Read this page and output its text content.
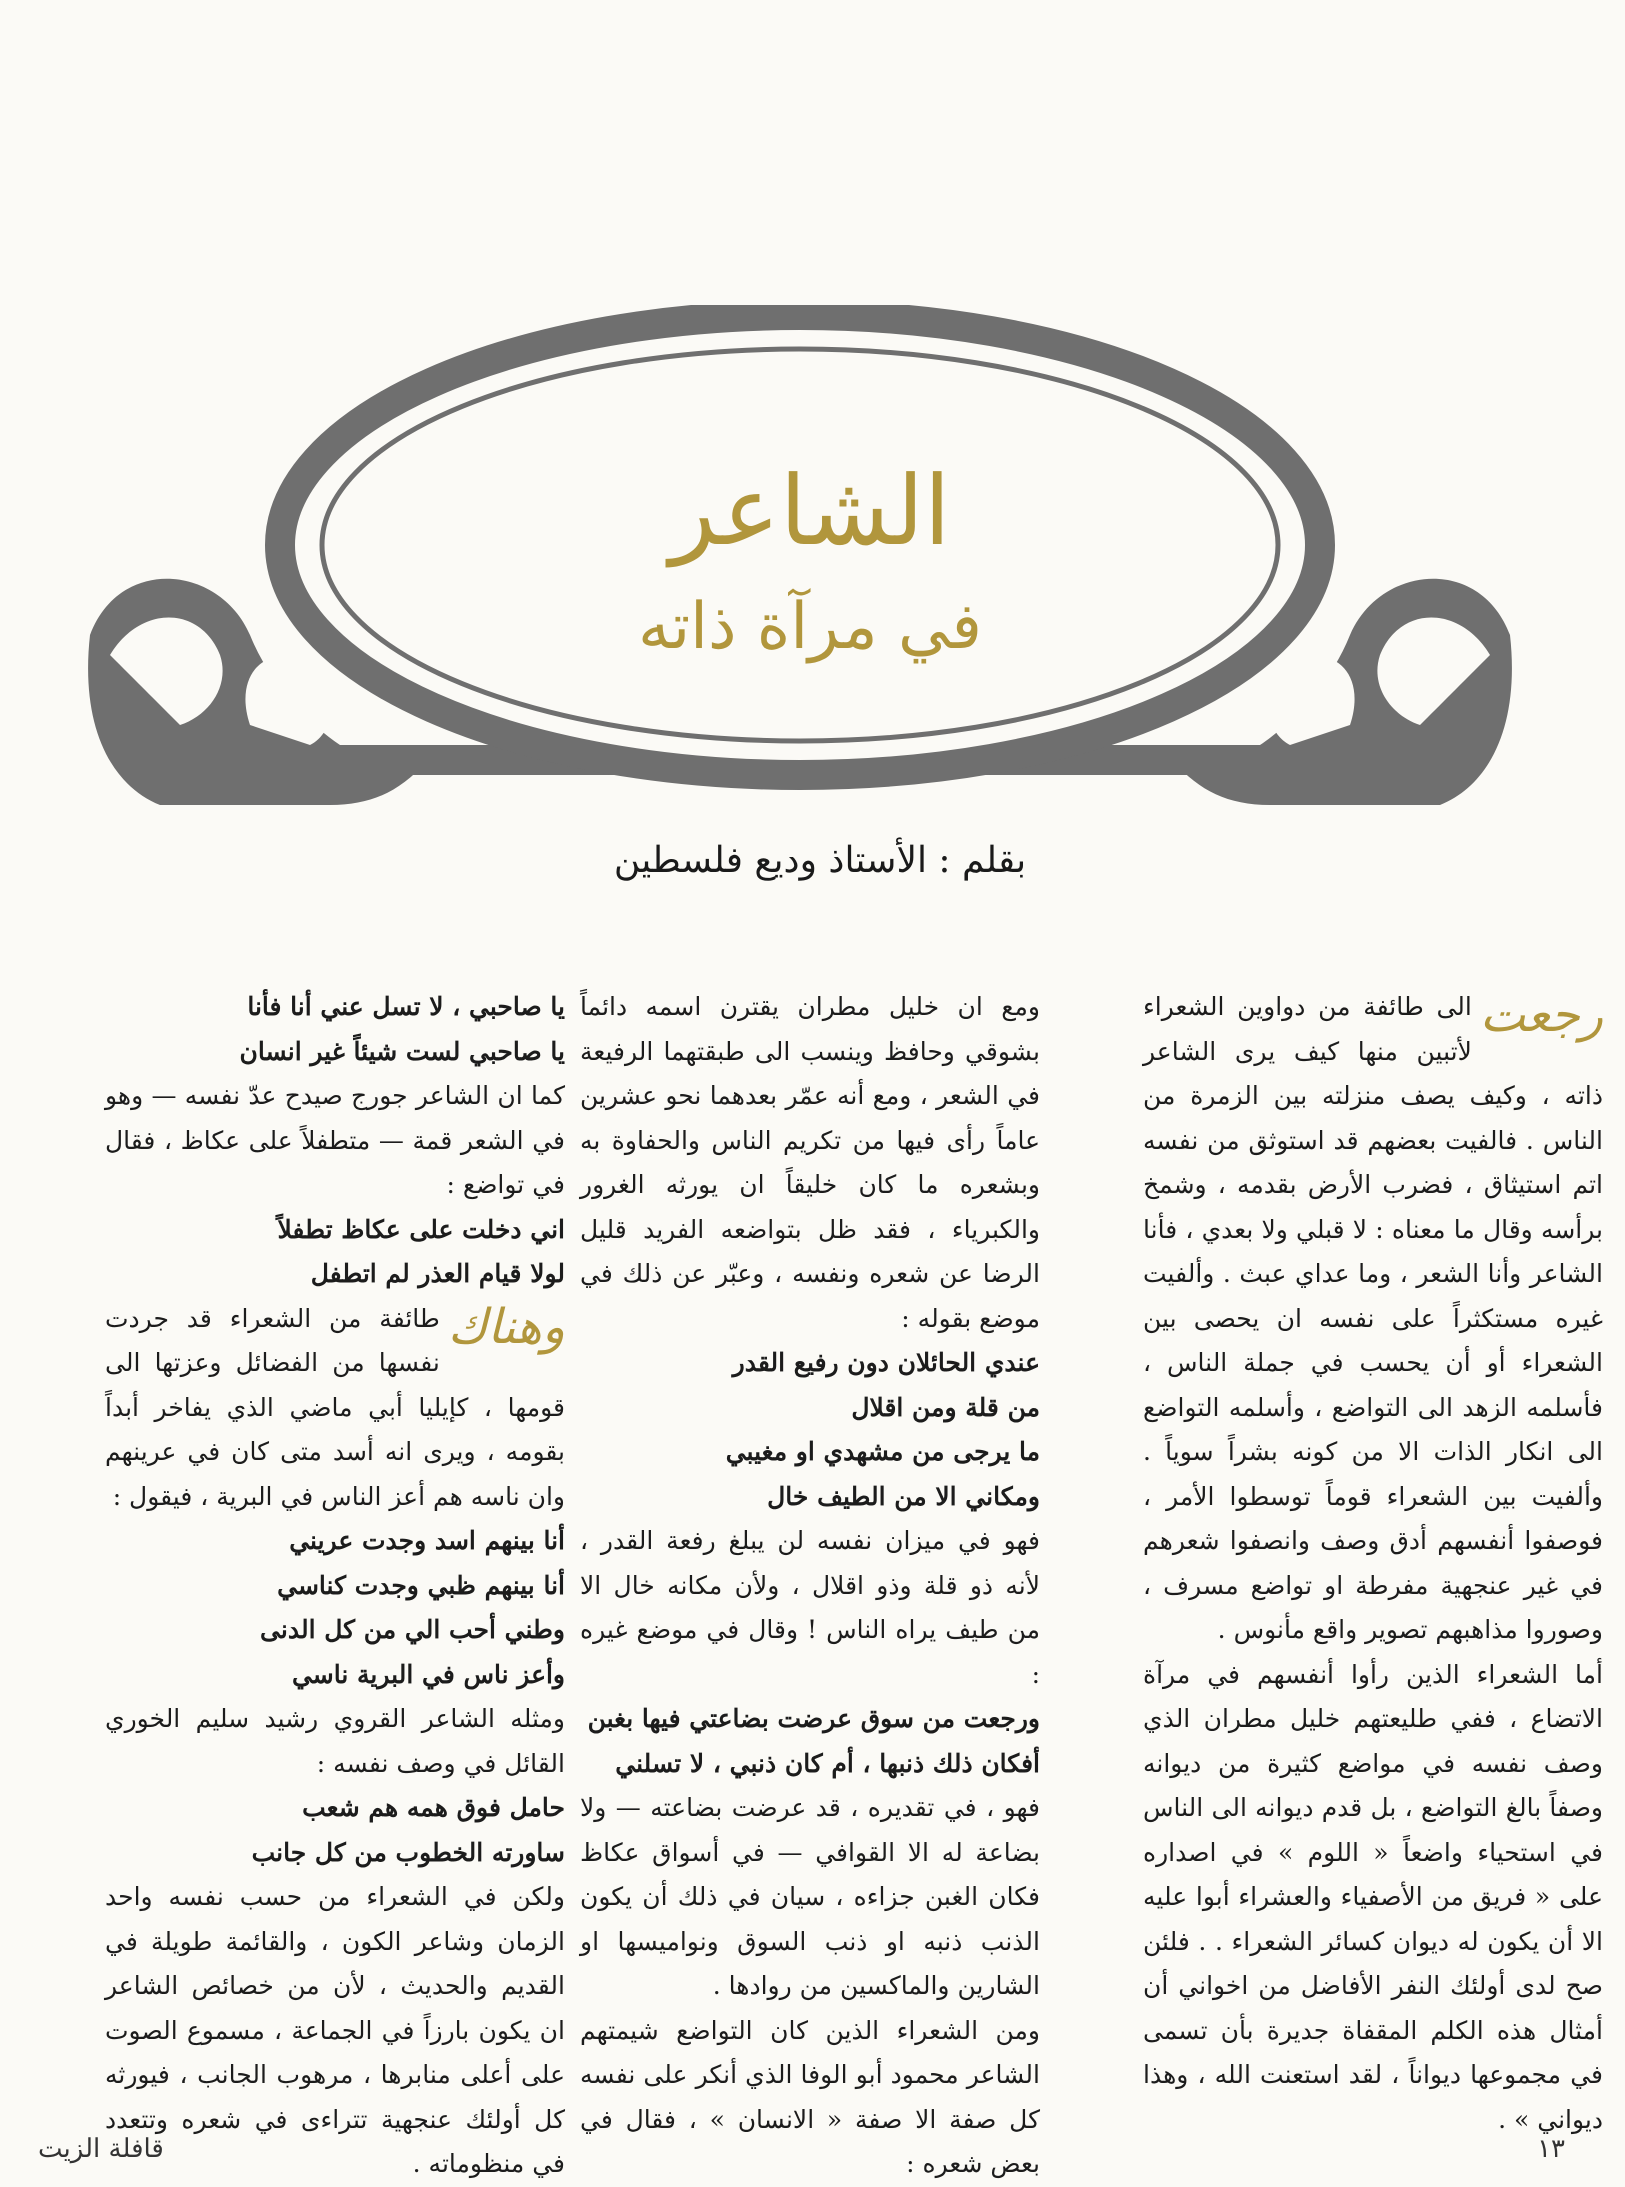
الشاعر
في مرآة ذاته
بقلم : الأستاذ وديع فلسطين

رجعت
الى طائفة من دواوين الشعراء لأتبين منها كيف يرى الشاعر ذاته ، وكيف يصف منزلته بين الزمرة من الناس . فالفيت بعضهم قد استوثق من نفسه اتم استيثاق ، فضرب الأرض بقدمه ، وشمخ برأسه وقال ما معناه : لا قبلي ولا بعدي ، فأنا الشاعر وأنا الشعر ، وما عداي عبث . وألفيت غيره مستكثراً على نفسه ان يحصى بين الشعراء أو أن يحسب في جملة الناس ، فأسلمه الزهد الى التواضع ، وأسلمه التواضع الى انكار الذات الا من كونه بشراً سوياً . وألفيت بين الشعراء قوماً توسطوا الأمر ، فوصفوا أنفسهم أدق وصف وانصفوا شعرهم في غير عنجهية مفرطة او تواضع مسرف ، وصوروا مذاهبهم تصوير واقع مأنوس .

أما الشعراء الذين رأوا أنفسهم في مرآة الاتضاع ، ففي طليعتهم خليل مطران الذي وصف نفسه في مواضع كثيرة من ديوانه وصفاً بالغ التواضع ، بل قدم ديوانه الى الناس في استحياء واضعاً « اللوم » في اصداره على « فريق من الأصفياء والعشراء أبوا عليه الا أن يكون له ديوان كسائر الشعراء . . فلئن صح لدى أولئك النفر الأفاضل من اخواني أن أمثال هذه الكلم المقفاة جديرة بأن تسمى في مجموعها ديواناً ، لقد استعنت الله ، وهذا ديواني » .

ومع ان خليل مطران يقترن اسمه دائماً بشوقي وحافظ وينسب الى طبقتهما الرفيعة في الشعر ، ومع أنه عمّر بعدهما نحو عشرين عاماً رأى فيها من تكريم الناس والحفاوة به وبشعره ما كان خليقاً ان يورثه الغرور والكبرياء ، فقد ظل بتواضعه الفريد قليل الرضا عن شعره ونفسه ، وعبّر عن ذلك في موضع بقوله :

عندي الحائلان دون رفيع القدر

من قلة ومن اقلال

ما يرجى من مشهدي او مغيبي

ومكاني الا من الطيف خال

فهو في ميزان نفسه لن يبلغ رفعة القدر ، لأنه ذو قلة وذو اقلال ، ولأن مكانه خال الا من طيف يراه الناس ! وقال في موضع غيره :

ورجعت من سوق عرضت بضاعتي فيها بغبن

أفكان ذلك ذنبها ، أم كان ذنبي ، لا تسلني

فهو ، في تقديره ، قد عرضت بضاعته — ولا بضاعة له الا القوافي — في أسواق عكاظ فكان الغبن جزاءه ، سيان في ذلك أن يكون الذنب ذنبه او ذنب السوق ونواميسها او الشارين والماكسين من روادها .

ومن الشعراء الذين كان التواضع شيمتهم الشاعر محمود أبو الوفا الذي أنكر على نفسه كل صفة الا صفة « الانسان » ، فقال في بعض شعره :

يا صاحبي ، لا تسل عني أنا فأنا

يا صاحبي لست شيئاً غير انسان

كما ان الشاعر جورج صيدح عدّ نفسه — وهو في الشعر قمة — متطفلاً على عكاظ ، فقال في تواضع :

اني دخلت على عكاظ تطفلاً

لولا قيام العذر لم اتطفل

وهناك
طائفة من الشعراء قد جردت نفسها من الفضائل وعزتها الى قومها ، كإيليا أبي ماضي الذي يفاخر أبداً بقومه ، ويرى انه أسد متى كان في عرينهم وان ناسه هم أعز الناس في البرية ، فيقول :

أنا بينهم اسد وجدت عريني

أنا بينهم ظبي وجدت كناسي

وطني أحب الي من كل الدنى

وأعز ناس في البرية ناسي

ومثله الشاعر القروي رشيد سليم الخوري القائل في وصف نفسه :

حامل فوق همه هم شعب

ساورته الخطوب من كل جانب

ولكن في الشعراء من حسب نفسه واحد الزمان وشاعر الكون ، والقائمة طويلة في القديم والحديث ، لأن من خصائص الشاعر ان يكون بارزاً في الجماعة ، مسموع الصوت على أعلى منابرها ، مرهوب الجانب ، فيورثه كل أولئك عنجهية تتراءى في شعره وتتعدد في منظوماته .	١٣
قافلة الزيت
